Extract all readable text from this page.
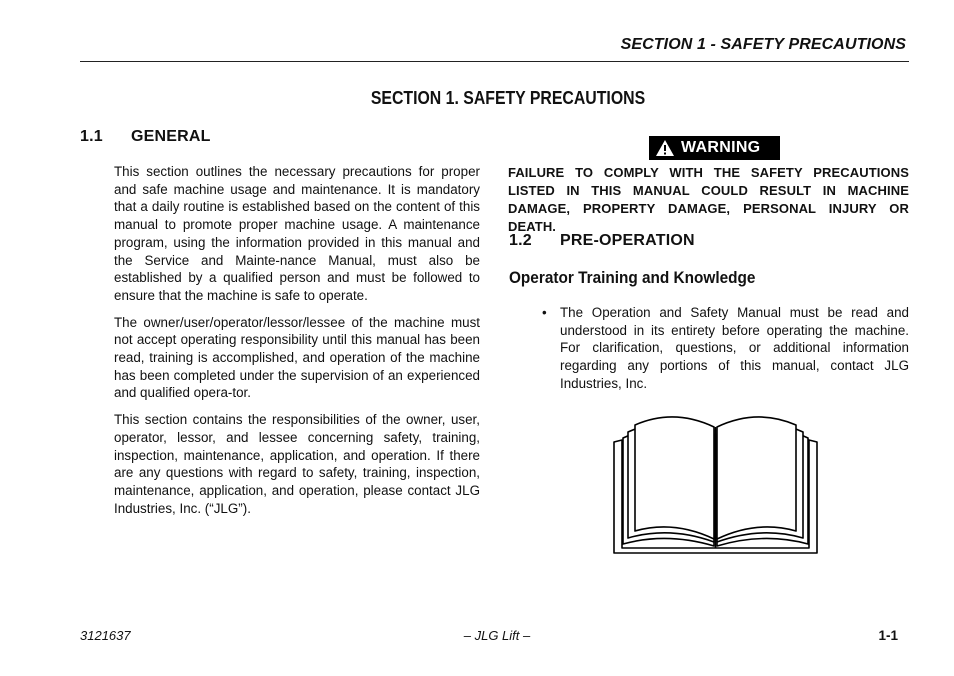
SECTION 1 - SAFETY PRECAUTIONS
SECTION 1. SAFETY PRECAUTIONS
1.1 GENERAL

This section outlines the necessary precautions for proper and safe machine usage and maintenance. It is mandatory that a daily routine is established based on the content of this manual to promote proper machine usage. A maintenance program, using the information provided in this manual and the Service and Mainte-nance Manual, must also be established by a qualified person and must be followed to ensure that the machine is safe to operate.

The owner/user/operator/lessor/lessee of the machine must not accept operating responsibility until this manual has been read, training is accomplished, and operation of the machine has been completed under the supervision of an experienced and qualified opera-tor.

This section contains the responsibilities of the owner, user, operator, lessor, and lessee concerning safety, training, inspection, maintenance, application, and operation. If there are any questions with regard to safety, training, inspection, maintenance, application, and operation, please contact JLG Industries, Inc. (“JLG”).

WARNING
FAILURE TO COMPLY WITH THE SAFETY PRECAUTIONS LISTED IN THIS MANUAL COULD RESULT IN MACHINE DAMAGE, PROPERTY DAMAGE, PERSONAL INJURY OR DEATH.
1.2 PRE-OPERATION
Operator Training and Knowledge
• The Operation and Safety Manual must be read and understood in its entirety before operating the machine. For clarification, questions, or additional information regarding any portions of this manual, contact JLG Industries, Inc.
3121637	– JLG Lift –	1-1
